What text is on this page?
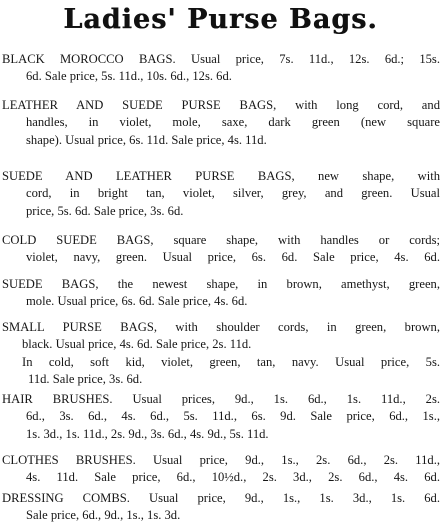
Ladies' Purse Bags.
BLACK MOROCCO BAGS. Usual price, 7s. 11d., 12s. 6d.; 15s.
6d. Sale price, 5s. 11d., 10s. 6d., 12s. 6d.
LEATHER AND SUEDE PURSE BAGS, with long cord, and
handles, in violet, mole, saxe, dark green (new square
shape). Usual price, 6s. 11d. Sale price, 4s. 11d.
SUEDE AND LEATHER PURSE BAGS, new shape, with
cord, in bright tan, violet, silver, grey, and green. Usual
price, 5s. 6d. Sale price, 3s. 6d.
COLD SUEDE BAGS, square shape, with handles or cords;
violet, navy, green. Usual price, 6s. 6d. Sale price, 4s. 6d.
SUEDE BAGS, the newest shape, in brown, amethyst, green,
mole. Usual price, 6s. 6d. Sale price, 4s. 6d.
SMALL PURSE BAGS, with shoulder cords, in green, brown,
black. Usual price, 4s. 6d. Sale price, 2s. 11d.
In cold, soft kid, violet, green, tan, navy. Usual price, 5s.
11d. Sale price, 3s. 6d.
HAIR BRUSHES. Usual prices, 9d., 1s. 6d., 1s. 11d., 2s.
6d., 3s. 6d., 4s. 6d., 5s. 11d., 6s. 9d. Sale price, 6d., 1s.,
1s. 3d., 1s. 11d., 2s. 9d., 3s. 6d., 4s. 9d., 5s. 11d.
CLOTHES BRUSHES. Usual price, 9d., 1s., 2s. 6d., 2s. 11d.,
4s. 11d. Sale price, 6d., 10½d., 2s. 3d., 2s. 6d., 4s. 6d.
DRESSING COMBS. Usual price, 9d., 1s., 1s. 3d., 1s. 6d.
Sale price, 6d., 9d., 1s., 1s. 3d.
